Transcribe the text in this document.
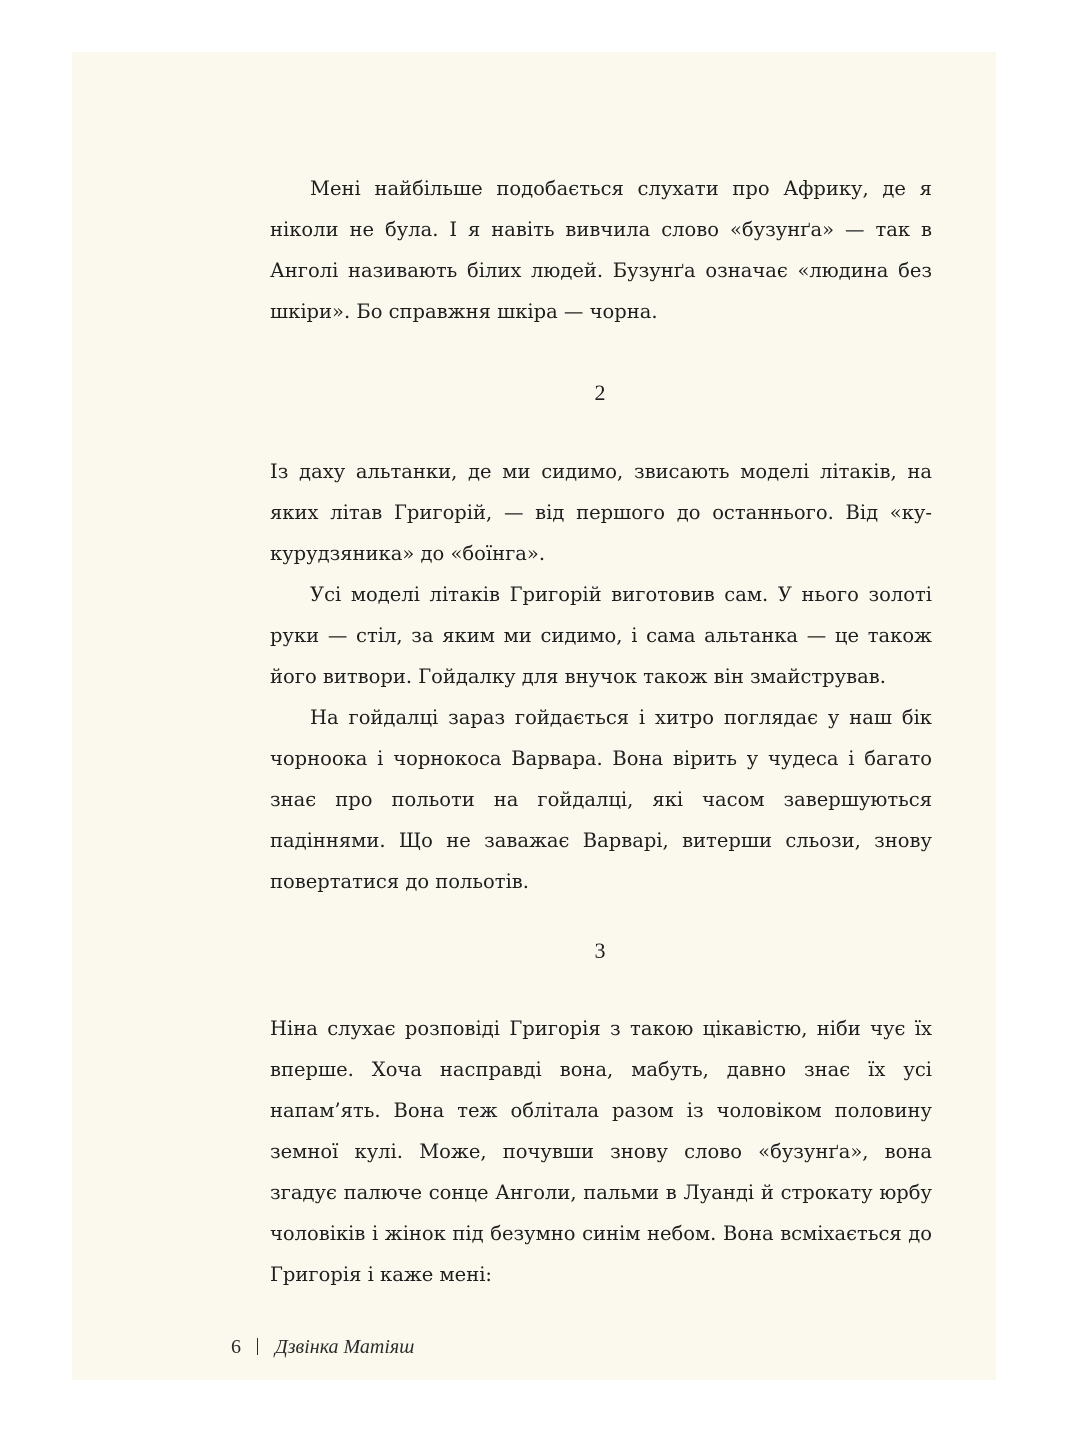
Мені найбільше подобається слухати про Африку, де я ніколи не була. І я навіть вивчила слово «бузунґа» — так в Анголі називають білих людей. Бузунґа означає «людина без шкіри». Бо справжня шкіра — чорна.

2

Із даху альтанки, де ми сидимо, звисають моделі літаків, на яких літав Григорій, — від першого до останнього. Від «кукурудзяника» до «боїнга».

Усі моделі літаків Григорій виготовив сам. У нього золоті руки — стіл, за яким ми сидимо, і сама альтанка — це також його витвори. Гойдалку для внучок також він змайстрував.

На гойдалці зараз гойдається і хитро поглядає у наш бік чорноока і чорнокоса Варвара. Вона вірить у чудеса і багато знає про польоти на гойдалці, які часом завершуються падіннями. Що не заважає Варварі, витерши сльози, знову повертатися до польотів.

3

Ніна слухає розповіді Григорія з такою цікавістю, ніби чує їх вперше. Хоча насправді вона, мабуть, давно знає їх усі напам’ять. Вона теж облітала разом із чоловіком половину земної кулі. Може, почувши знову слово «бузунґа», вона згадує палюче сонце Анголи, пальми в Луанді й строкату юрбу чоловіків і жінок під безумно синім небом. Вона всміхається до Григорія і каже мені:

6 Дзвінка Матіяш
